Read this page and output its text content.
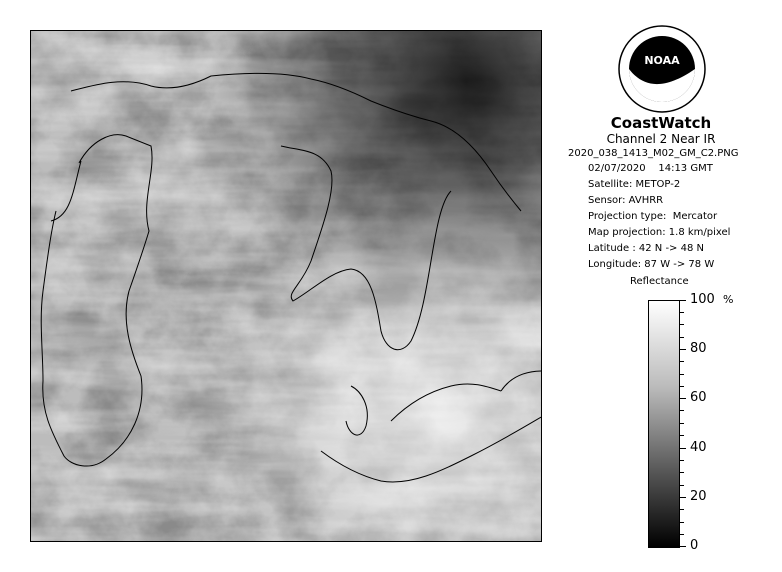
NOAA
CoastWatch
Channel 2 Near IR
2020_038_1413_M02_GM_C2.PNG
02/07/2020    14:13 GMT
Satellite: METOP-2
Sensor: AVHRR
Projection type:  Mercator
Map projection: 1.8 km/pixel
Latitude : 42 N -> 48 N
Longitude: 87 W -> 78 W
Reflectance
100
80
60
40
20
0
%
